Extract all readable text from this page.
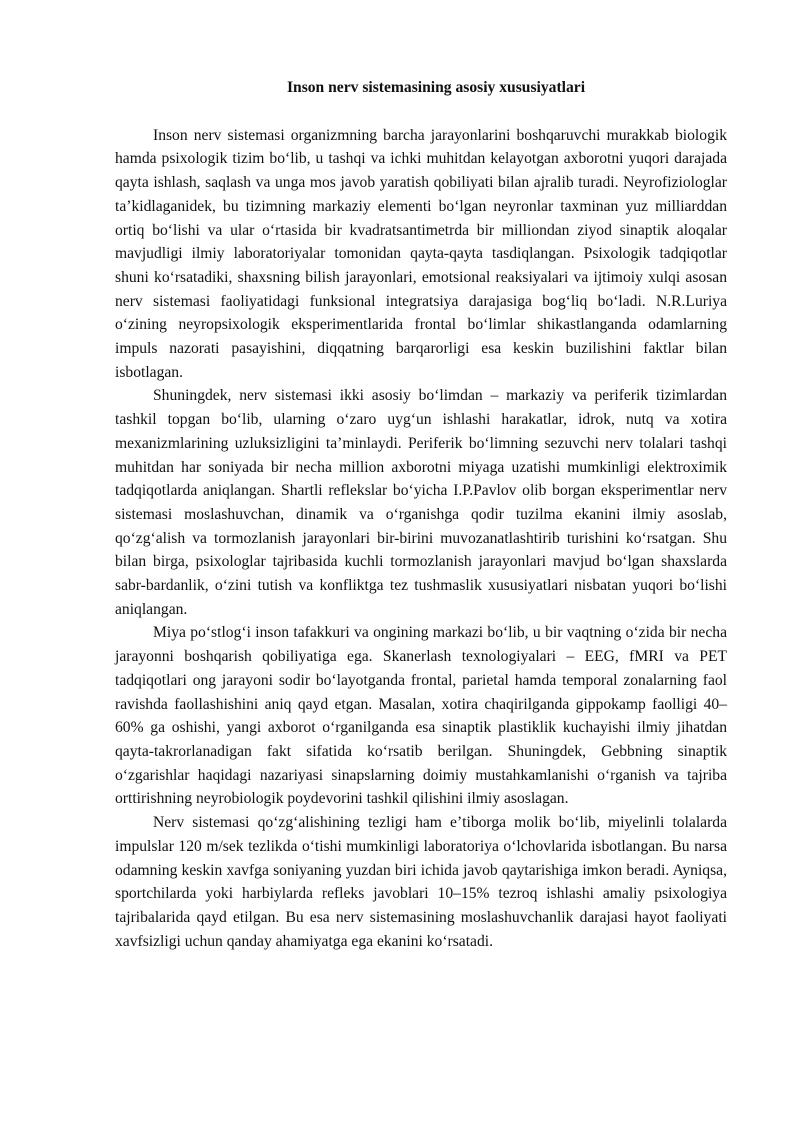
Inson nerv sistemasining asosiy xususiyatlari

Inson nerv sistemasi organizmning barcha jarayonlarini boshqaruvchi murakkab biologik hamda psixologik tizim boʻlib, u tashqi va ichki muhitdan kelayotgan axborotni yuqori darajada qayta ishlash, saqlash va unga mos javob yaratish qobiliyati bilan ajralib turadi. Neyrofiziologlar taʼkidlaganidek, bu tizimning markaziy elementi boʻlgan neyronlar taxminan yuz milliarddan ortiq boʻlishi va ular oʻrtasida bir kvadratsantimetrda bir milliondan ziyod sinaptik aloqalar mavjudligi ilmiy laboratoriyalar tomonidan qayta-qayta tasdiqlangan. Psixologik tadqiqotlar shuni koʻrsatadiki, shaxsning bilish jarayonlari, emotsional reaksiyalari va ijtimoiy xulqi asosan nerv sistemasi faoliyatidagi funksional integratsiya darajasiga bogʻliq boʻladi. N.R.Luriya oʻzining neyropsixologik eksperimentlarida frontal boʻlimlar shikastlanganda odamlarning impuls nazorati pasayishini, diqqatning barqarorligi esa keskin buzilishini faktlar bilan isbotlagan.

Shuningdek, nerv sistemasi ikki asosiy boʻlimdan – markaziy va periferik tizimlardan tashkil topgan boʻlib, ularning oʻzaro uygʻun ishlashi harakatlar, idrok, nutq va xotira mexanizmlarining uzluksizligini taʼminlaydi. Periferik boʻlimning sezuvchi nerv tolalari tashqi muhitdan har soniyada bir necha million axborotni miyaga uzatishi mumkinligi elektroximik tadqiqotlarda aniqlangan. Shartli reflekslar boʻyicha I.P.Pavlov olib borgan eksperimentlar nerv sistemasi moslashuvchan, dinamik va oʻrganishga qodir tuzilma ekanini ilmiy asoslab, qoʻzgʻalish va tormozlanish jarayonlari bir-birini muvozanatlashtirib turishini koʻrsatgan. Shu bilan birga, psixologlar tajribasida kuchli tormozlanish jarayonlari mavjud boʻlgan shaxslarda sabr-bardanlik, oʻzini tutish va konfliktga tez tushmaslik xususiyatlari nisbatan yuqori boʻlishi aniqlangan.

Miya poʻstlogʻi inson tafakkuri va ongining markazi boʻlib, u bir vaqtning oʻzida bir necha jarayonni boshqarish qobiliyatiga ega. Skanerlash texnologiyalari – EEG, fMRI va PET tadqiqotlari ong jarayoni sodir boʻlayotganda frontal, parietal hamda temporal zonalarning faol ravishda faollashishini aniq qayd etgan. Masalan, xotira chaqirilganda gippokamp faolligi 40–60% ga oshishi, yangi axborot oʻrganilganda esa sinaptik plastiklik kuchayishi ilmiy jihatdan qayta-takrorlanadigan fakt sifatida koʻrsatib berilgan. Shuningdek, Gebbning sinaptik oʻzgarishlar haqidagi nazariyasi sinapslarning doimiy mustahkamlanishi oʻrganish va tajriba orttirishning neyrobiologik poydevorini tashkil qilishini ilmiy asoslagan.

Nerv sistemasi qoʻzgʻalishining tezligi ham eʼtiborga molik boʻlib, miyelinli tolalarda impulslar 120 m/sek tezlikda oʻtishi mumkinligi laboratoriya oʻlchovlarida isbotlangan. Bu narsa odamning keskin xavfga soniyaning yuzdan biri ichida javob qaytarishiga imkon beradi. Ayniqsa, sportchilarda yoki harbiylarda refleks javoblari 10–15% tezroq ishlashi amaliy psixologiya tajribalarida qayd etilgan. Bu esa nerv sistemasining moslashuvchanlik darajasi hayot faoliyati xavfsizligi uchun qanday ahamiyatga ega ekanini koʻrsatadi.
